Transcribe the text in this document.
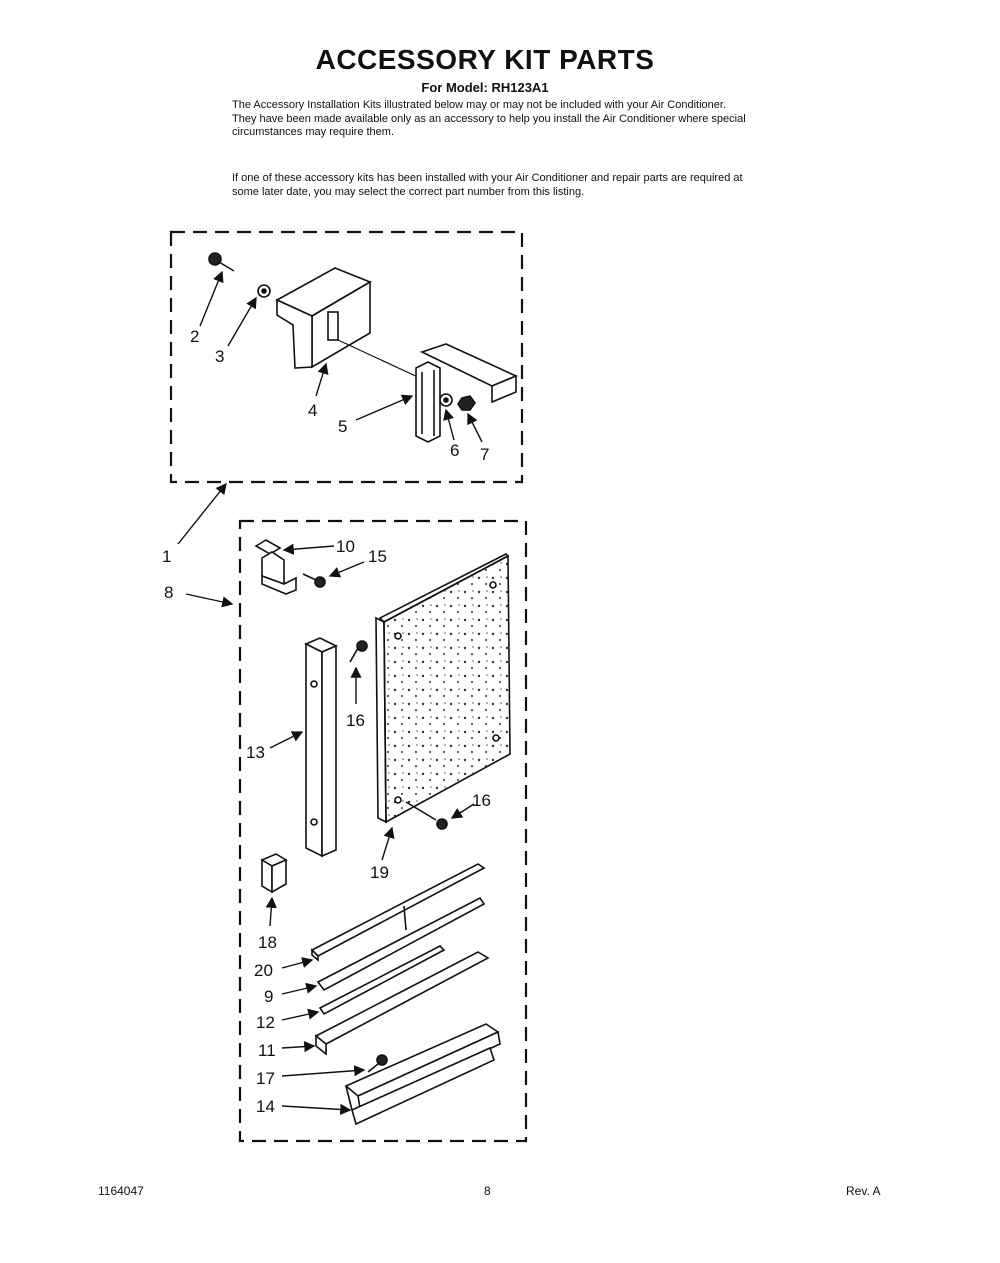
ACCESSORY KIT PARTS
For Model: RH123A1

The Accessory Installation Kits illustrated below may or may not be included with your Air Conditioner. They have been made available only as an accessory to help you install the Air Conditioner where special circumstances may require them.

If one of these accessory kits has been installed with your Air Conditioner and repair parts are required at some later date, you may select the correct part number from this listing.

2
3
4
5
6 7
1
8
10
15
16
13
16
19
18
20
9
12
11
17
14
1164047	8	Rev. A
